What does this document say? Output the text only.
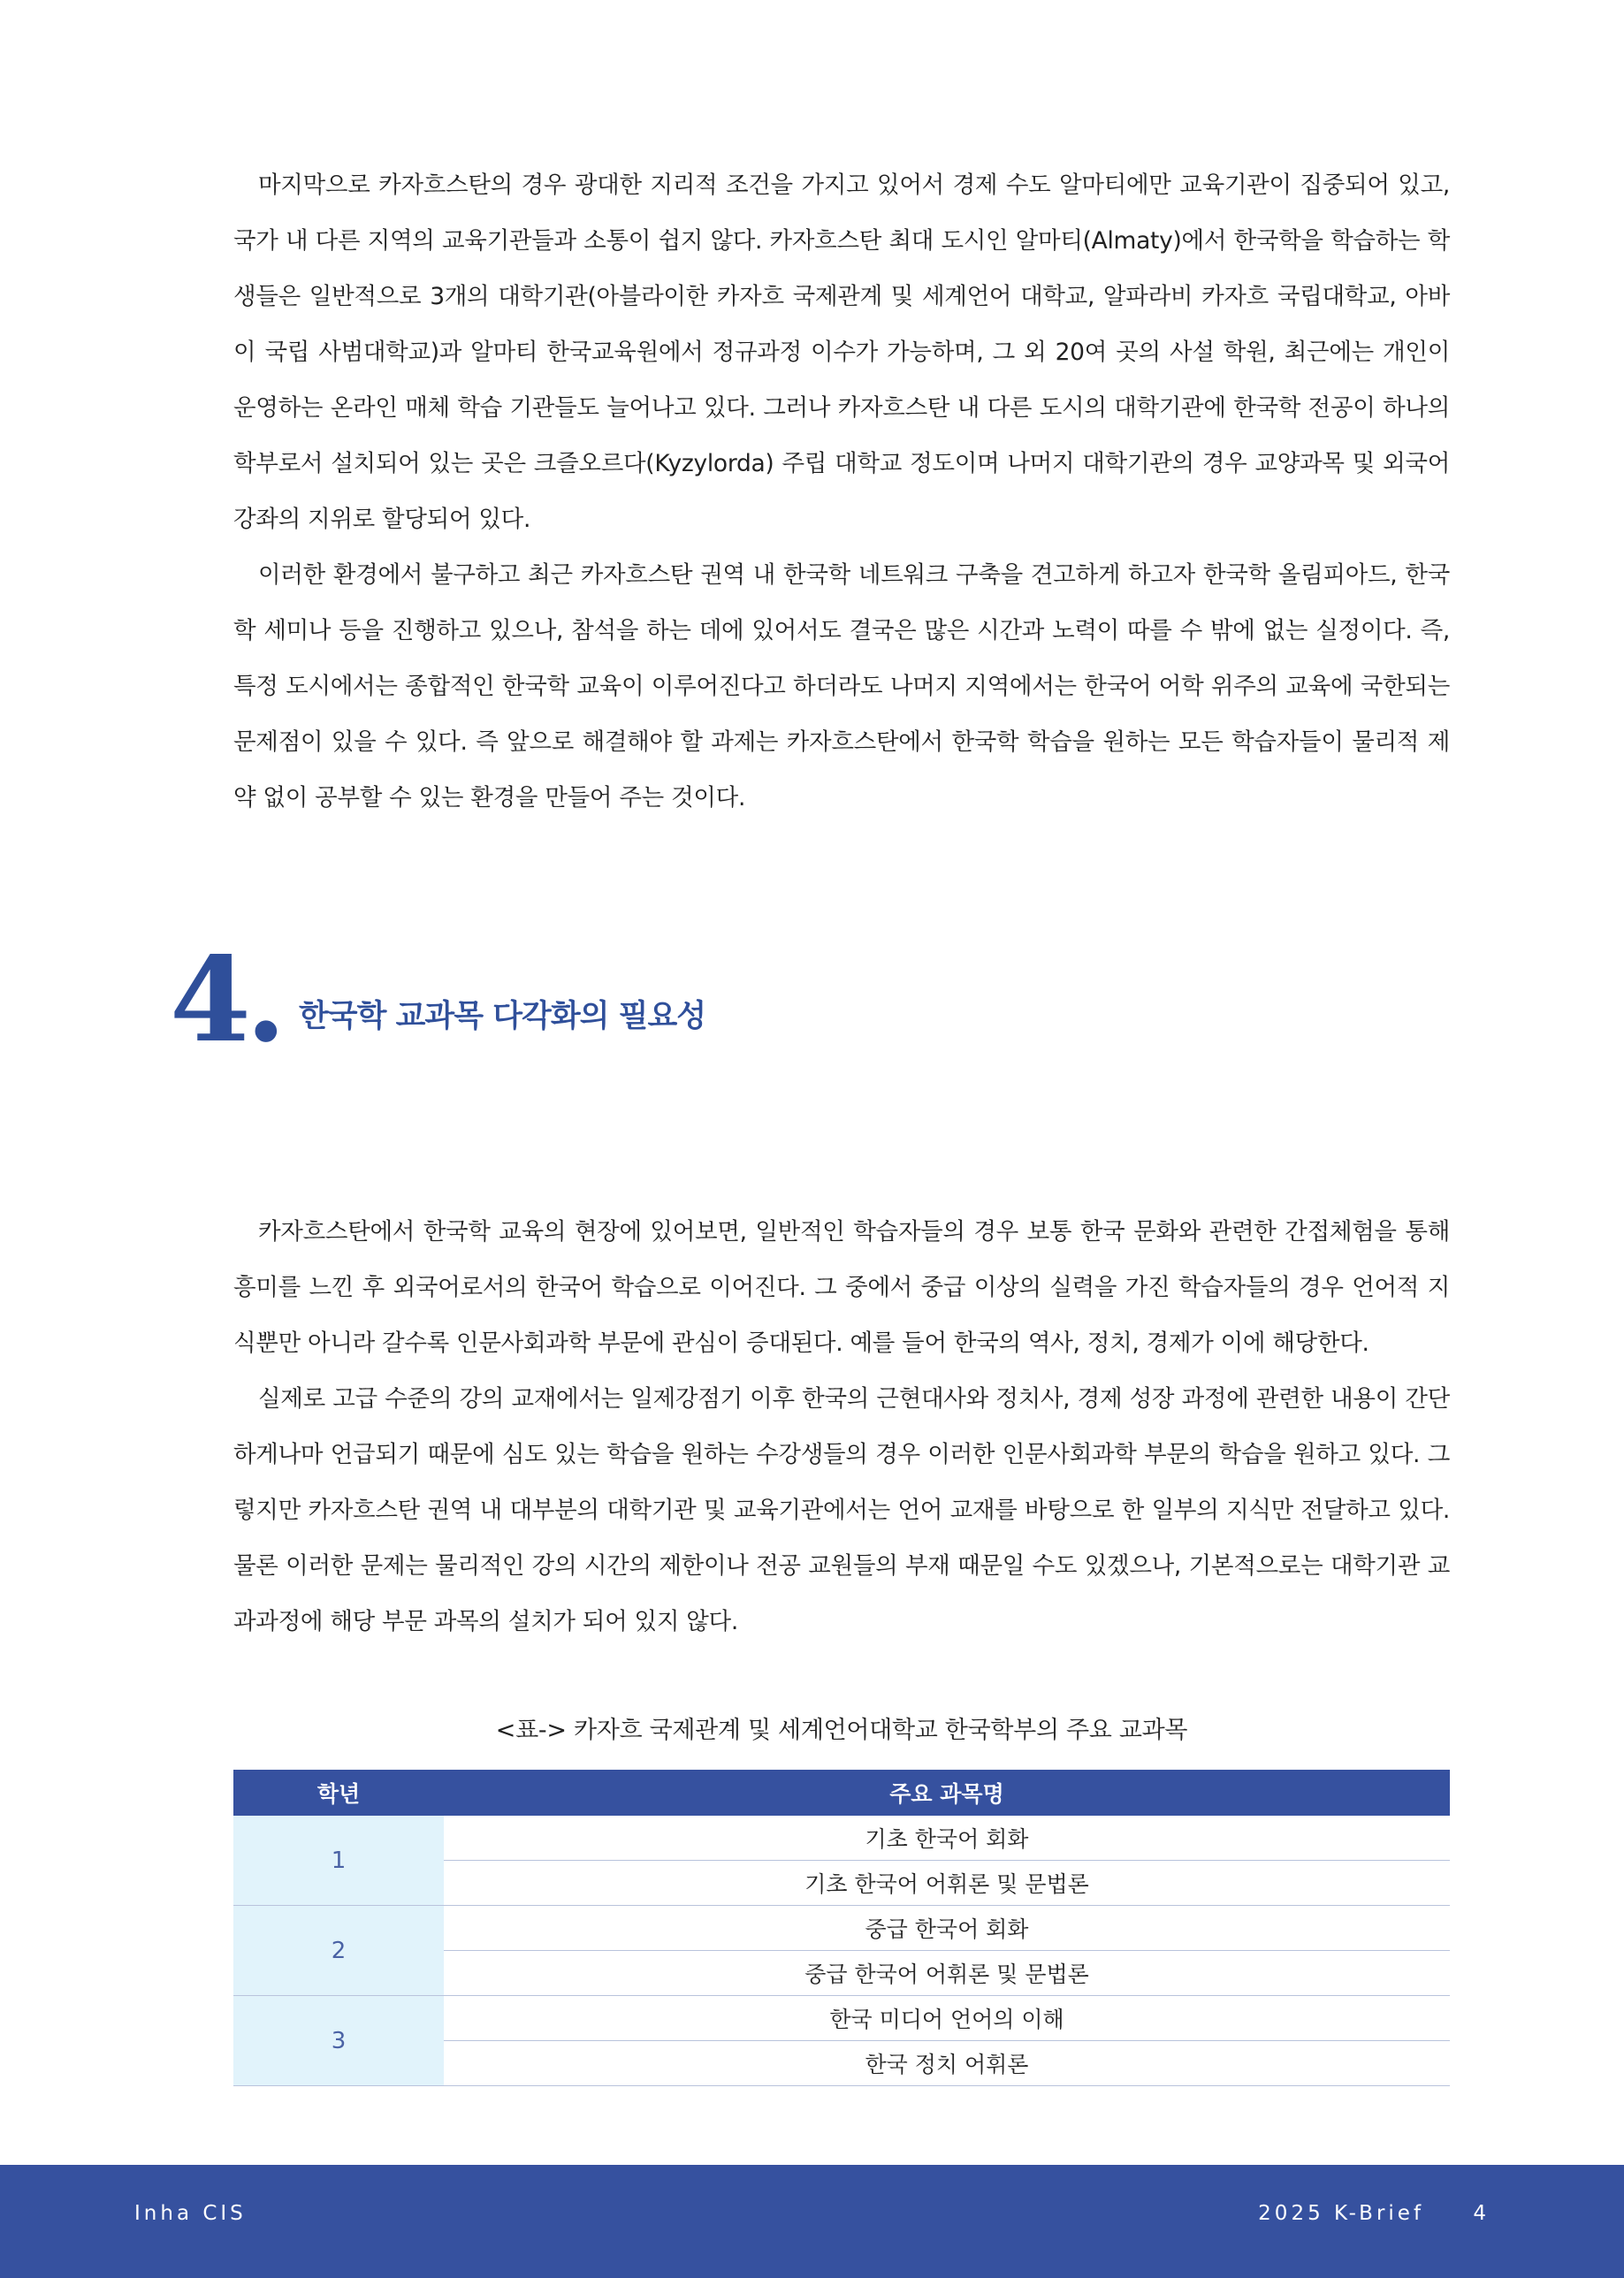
마지막으로 카자흐스탄의 경우 광대한 지리적 조건을 가지고 있어서 경제 수도 알마티에만 교육기관이 집중되어 있고, 국가 내 다른 지역의 교육기관들과 소통이 쉽지 않다. 카자흐스탄 최대 도시인 알마티(Almaty)에서 한국학을 학습하는 학생들은 일반적으로 3개의 대학기관(아블라이한 카자흐 국제관계 및 세계언어 대학교, 알파라비 카자흐 국립대학교, 아바이 국립 사범대학교)과 알마티 한국교육원에서 정규과정 이수가 가능하며, 그 외 20여 곳의 사설 학원, 최근에는 개인이 운영하는 온라인 매체 학습 기관들도 늘어나고 있다. 그러나 카자흐스탄 내 다른 도시의 대학기관에 한국학 전공이 하나의 학부로서 설치되어 있는 곳은 크즐오르다(Kyzylorda) 주립 대학교 정도이며 나머지 대학기관의 경우 교양과목 및 외국어 강좌의 지위로 할당되어 있다.

이러한 환경에서 불구하고 최근 카자흐스탄 권역 내 한국학 네트워크 구축을 견고하게 하고자 한국학 올림피아드, 한국학 세미나 등을 진행하고 있으나, 참석을 하는 데에 있어서도 결국은 많은 시간과 노력이 따를 수 밖에 없는 실정이다. 즉, 특정 도시에서는 종합적인 한국학 교육이 이루어진다고 하더라도 나머지 지역에서는 한국어 어학 위주의 교육에 국한되는 문제점이 있을 수 있다. 즉 앞으로 해결해야 할 과제는 카자흐스탄에서 한국학 학습을 원하는 모든 학습자들이 물리적 제약 없이 공부할 수 있는 환경을 만들어 주는 것이다.

4. 한국학 교과목 다각화의 필요성

카자흐스탄에서 한국학 교육의 현장에 있어보면, 일반적인 학습자들의 경우 보통 한국 문화와 관련한 간접체험을 통해 흥미를 느낀 후 외국어로서의 한국어 학습으로 이어진다. 그 중에서 중급 이상의 실력을 가진 학습자들의 경우 언어적 지식뿐만 아니라 갈수록 인문사회과학 부문에 관심이 증대된다. 예를 들어 한국의 역사, 정치, 경제가 이에 해당한다.

실제로 고급 수준의 강의 교재에서는 일제강점기 이후 한국의 근현대사와 정치사, 경제 성장 과정에 관련한 내용이 간단하게나마 언급되기 때문에 심도 있는 학습을 원하는 수강생들의 경우 이러한 인문사회과학 부문의 학습을 원하고 있다. 그렇지만 카자흐스탄 권역 내 대부분의 대학기관 및 교육기관에서는 언어 교재를 바탕으로 한 일부의 지식만 전달하고 있다. 물론 이러한 문제는 물리적인 강의 시간의 제한이나 전공 교원들의 부재 때문일 수도 있겠으나, 기본적으로는 대학기관 교과과정에 해당 부문 과목의 설치가 되어 있지 않다.

<표-> 카자흐 국제관계 및 세계언어대학교 한국학부의 주요 교과목

학년	주요 과목명
1	기초 한국어 회화
	기초 한국어 어휘론 및 문법론
2	중급 한국어 회화
	중급 한국어 어휘론 및 문법론
3	한국 미디어 언어의 이해
	한국 정치 어휘론
Inha CIS	2025 K-Brief 4
